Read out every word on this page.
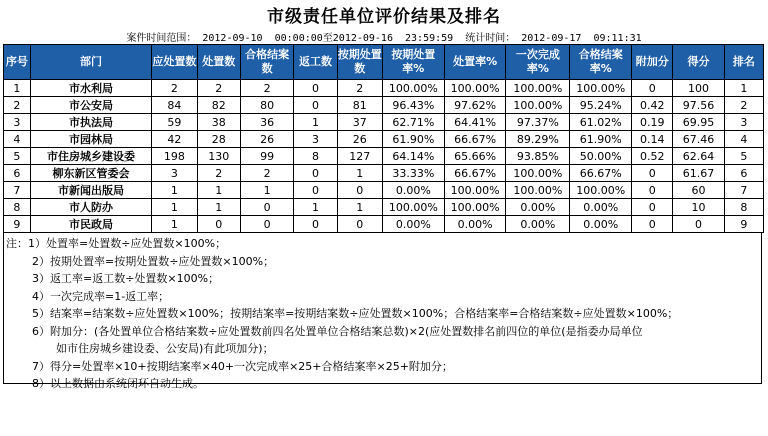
市级责任单位评价结果及排名
案件时间范围： 2012-09-10 00:00:00至2012-09-16 23:59:59 统计时间： 2012-09-17 09:11:31
序号	部门	应处置数	处置数	合格结案数	返工数	按期处置数	按期处置率%	处置率%	一次完成率%	合格结案率%	附加分	得分	排名
1	市水利局	2	2	2	0	2	100.00%	100.00%	100.00%	100.00%	0	100	1
2	市公安局	84	82	80	0	81	96.43%	97.62%	100.00%	95.24%	0.42	97.56	2
3	市执法局	59	38	36	1	37	62.71%	64.41%	97.37%	61.02%	0.19	69.95	3
4	市园林局	42	28	26	3	26	61.90%	66.67%	89.29%	61.90%	0.14	67.46	4
5	市住房城乡建设委	198	130	99	8	127	64.14%	65.66%	93.85%	50.00%	0.52	62.64	5
6	柳东新区管委会	3	2	2	0	1	33.33%	66.67%	100.00%	66.67%	0	61.67	6
7	市新闻出版局	1	1	1	0	0	0.00%	100.00%	100.00%	100.00%	0	60	7
8	市人防办	1	1	0	1	1	100.00%	100.00%	0.00%	0.00%	0	10	8
9	市民政局	1	0	0	0	0	0.00%	0.00%	0.00%	0.00%	0	0	9
注：1）处置率=处置数÷应处置数×100%；
2）按期处置率=按期处置数÷应处置数×100%；
3）返工率=返工数÷处置数×100%；
4）一次完成率=1-返工率；
5）结案率=结案数÷应处置数×100%；按期结案率=按期结案数÷应处置数×100%；合格结案率=合格结案数÷应处置数×100%；
6）附加分：(各处置单位合格结案数÷应处置数前四名处置单位合格结案总数)×2(应处置数排名前四位的单位(是指委办局单位
如市住房城乡建设委、公安局)有此项加分)；
7）得分=处置率×10+按期结案率×40+一次完成率×25+合格结案率×25+附加分；
8）以上数据由系统闭环自动生成。
